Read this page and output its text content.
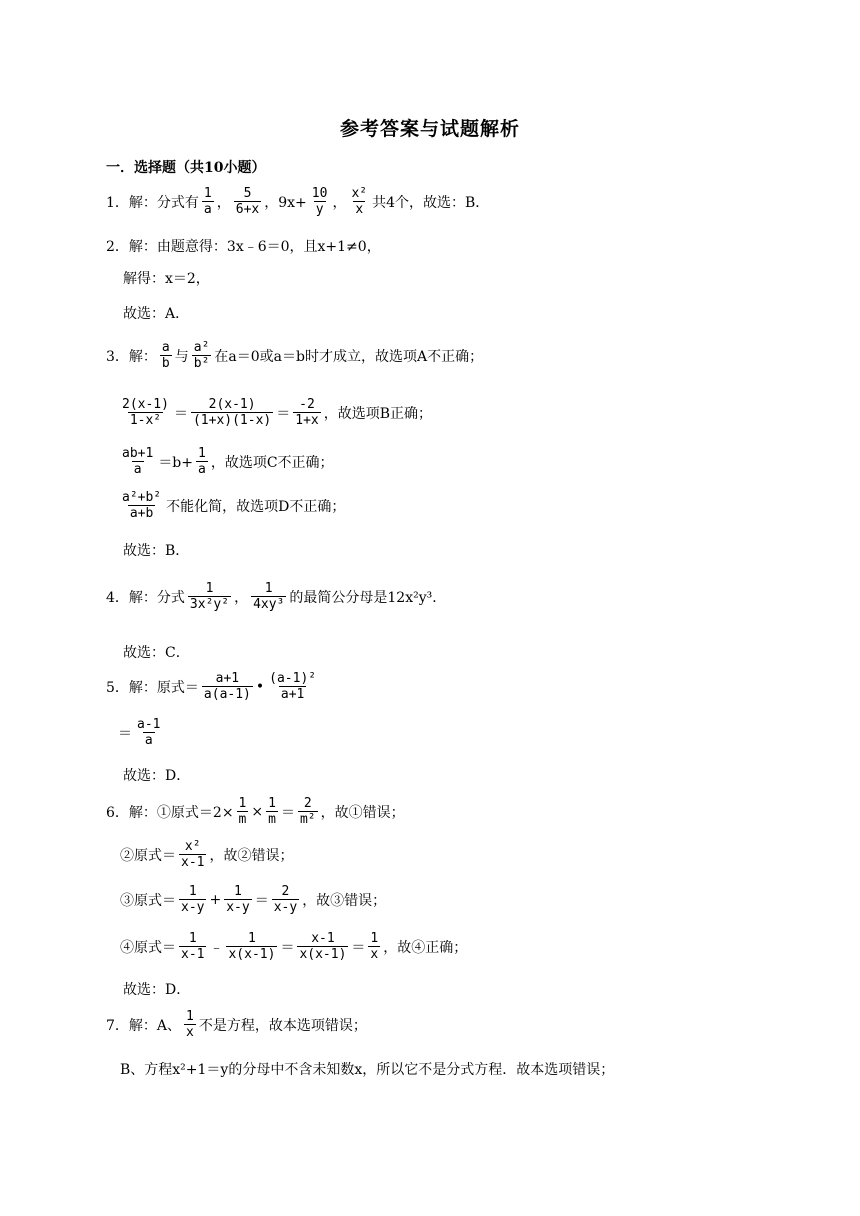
参考答案与试题解析
一．选择题（共10小题）
1．解：分式有 $\frac{1}{a}$ ， $\frac{5}{6+x}$ ，$9x+ \frac{10}{y}$ ， $\frac{\text{x²}}{x}$ 共4个，故选：B．
2．解：由题意得：3x﹣6＝0，且x+1≠0，
解得：x＝2，
故选：A．
3．解： $\frac{a}{b}$ 与 $\frac{\text{a²}}{\text{b²}}$ 在a＝0或a＝b时才成立，故选项A不正确；
$\frac{2(x-1)}{\text{1-x²}} = \frac{2(x-1)}{(1+x)(1-x)} = \frac{-2}{1+x}$ ，故选项B正确；
$\frac{ab+1}{a} =b+ \frac{1}{a}$ ，故选项C不正确；
$\frac{\text{a²+b²}}{a+b}$ 不能化简，故选项D不正确；
故选：B．
4．解：分式 $\frac{1}{\text{3x²y²}}$ ， $\frac{1}{\text{4xy³}}$ 的最简公分母是12x²y³．
故选：C．
5．解：原式＝ $\frac{a+1}{a(a-1)}$ • $\frac{\text{(a-1)²}}{a+1}$
＝ $\frac{a-1}{a}$
故选：D．
6．解：①原式$=2\times \frac{1}{m} \times \frac{1}{m} = \frac{2}{\text{m²}}$ ，故①错误；
②原式＝ $\frac{\text{x²}}{x-1}$ ，故②错误；
③原式＝ $\frac{1}{x-y} + \frac{1}{x-y} = \frac{2}{x-y}$ ，故③错误；
④原式＝ $\frac{1}{x-1}$ ﹣ $\frac{1}{x(x-1)} = \frac{x-1}{x(x-1)} = \frac{1}{x}$ ，故④正确；
故选：D．
7．解：A、 $\frac{1}{x}$ 不是方程，故本选项错误；
B、方程x²+1＝y的分母中不含未知数x，所以它不是分式方程．故本选项错误；
